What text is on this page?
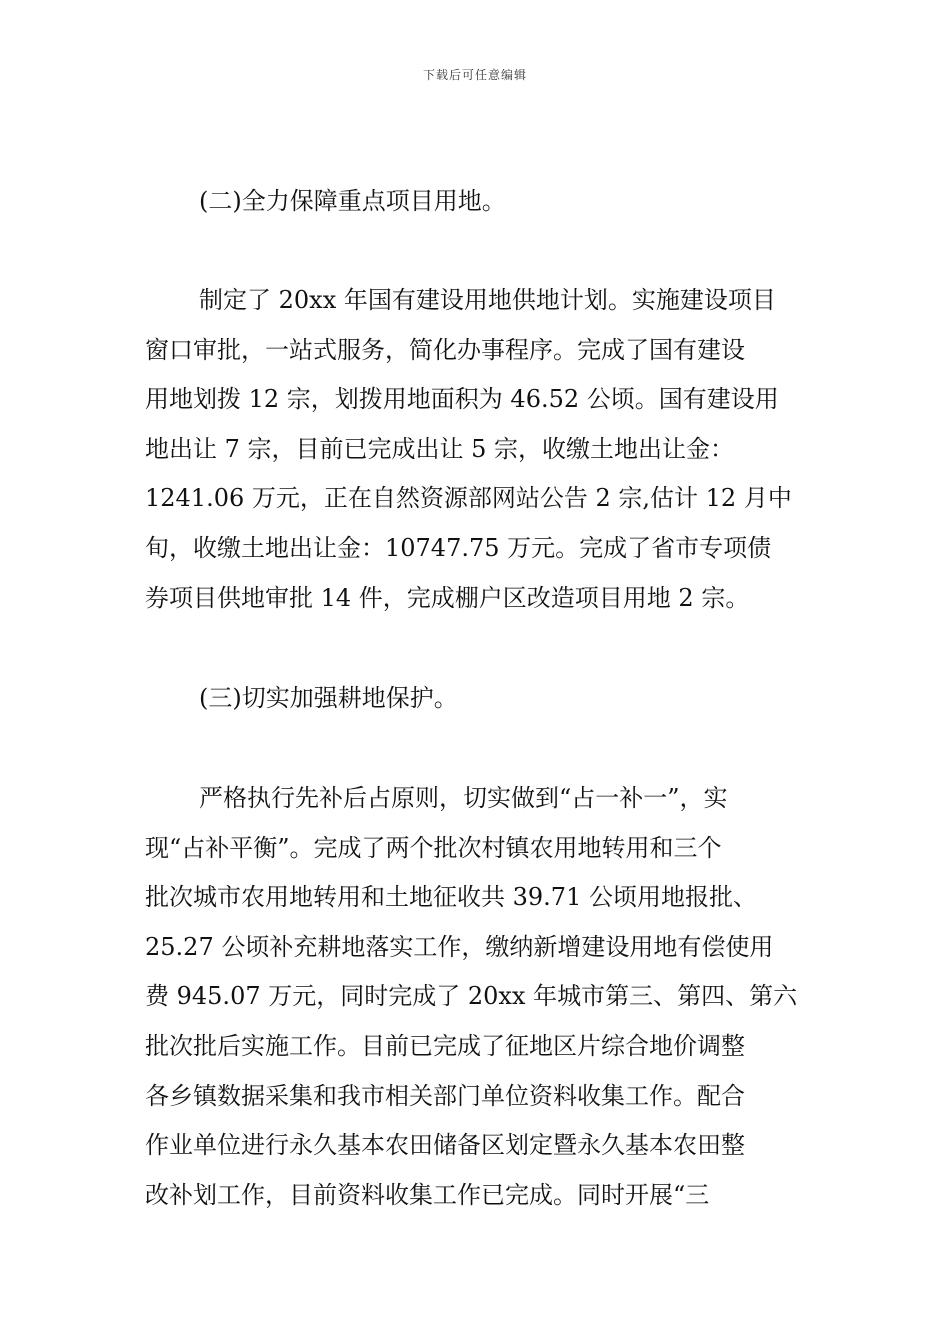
下载后可任意编辑
(二)全力保障重点项目用地。
制定了 20xx 年国有建设用地供地计划。实施建设项目
窗口审批，一站式服务，简化办事程序。完成了国有建设
用地划拨 12 宗，划拨用地面积为 46.52 公顷。国有建设用
地出让 7 宗，目前已完成出让 5 宗，收缴土地出让金：
1241.06 万元，正在自然资源部网站公告 2 宗,估计 12 月中
旬，收缴土地出让金：10747.75 万元。完成了省市专项债
券项目供地审批 14 件，完成棚户区改造项目用地 2 宗。
(三)切实加强耕地保护。
严格执行先补后占原则，切实做到“占一补一”，实
现“占补平衡”。完成了两个批次村镇农用地转用和三个
批次城市农用地转用和土地征收共 39.71 公顷用地报批、
25.27 公顷补充耕地落实工作，缴纳新增建设用地有偿使用
费 945.07 万元，同时完成了 20xx 年城市第三、第四、第六
批次批后实施工作。目前已完成了征地区片综合地价调整
各乡镇数据采集和我市相关部门单位资料收集工作。配合
作业单位进行永久基本农田储备区划定暨永久基本农田整
改补划工作，目前资料收集工作已完成。同时开展“三
